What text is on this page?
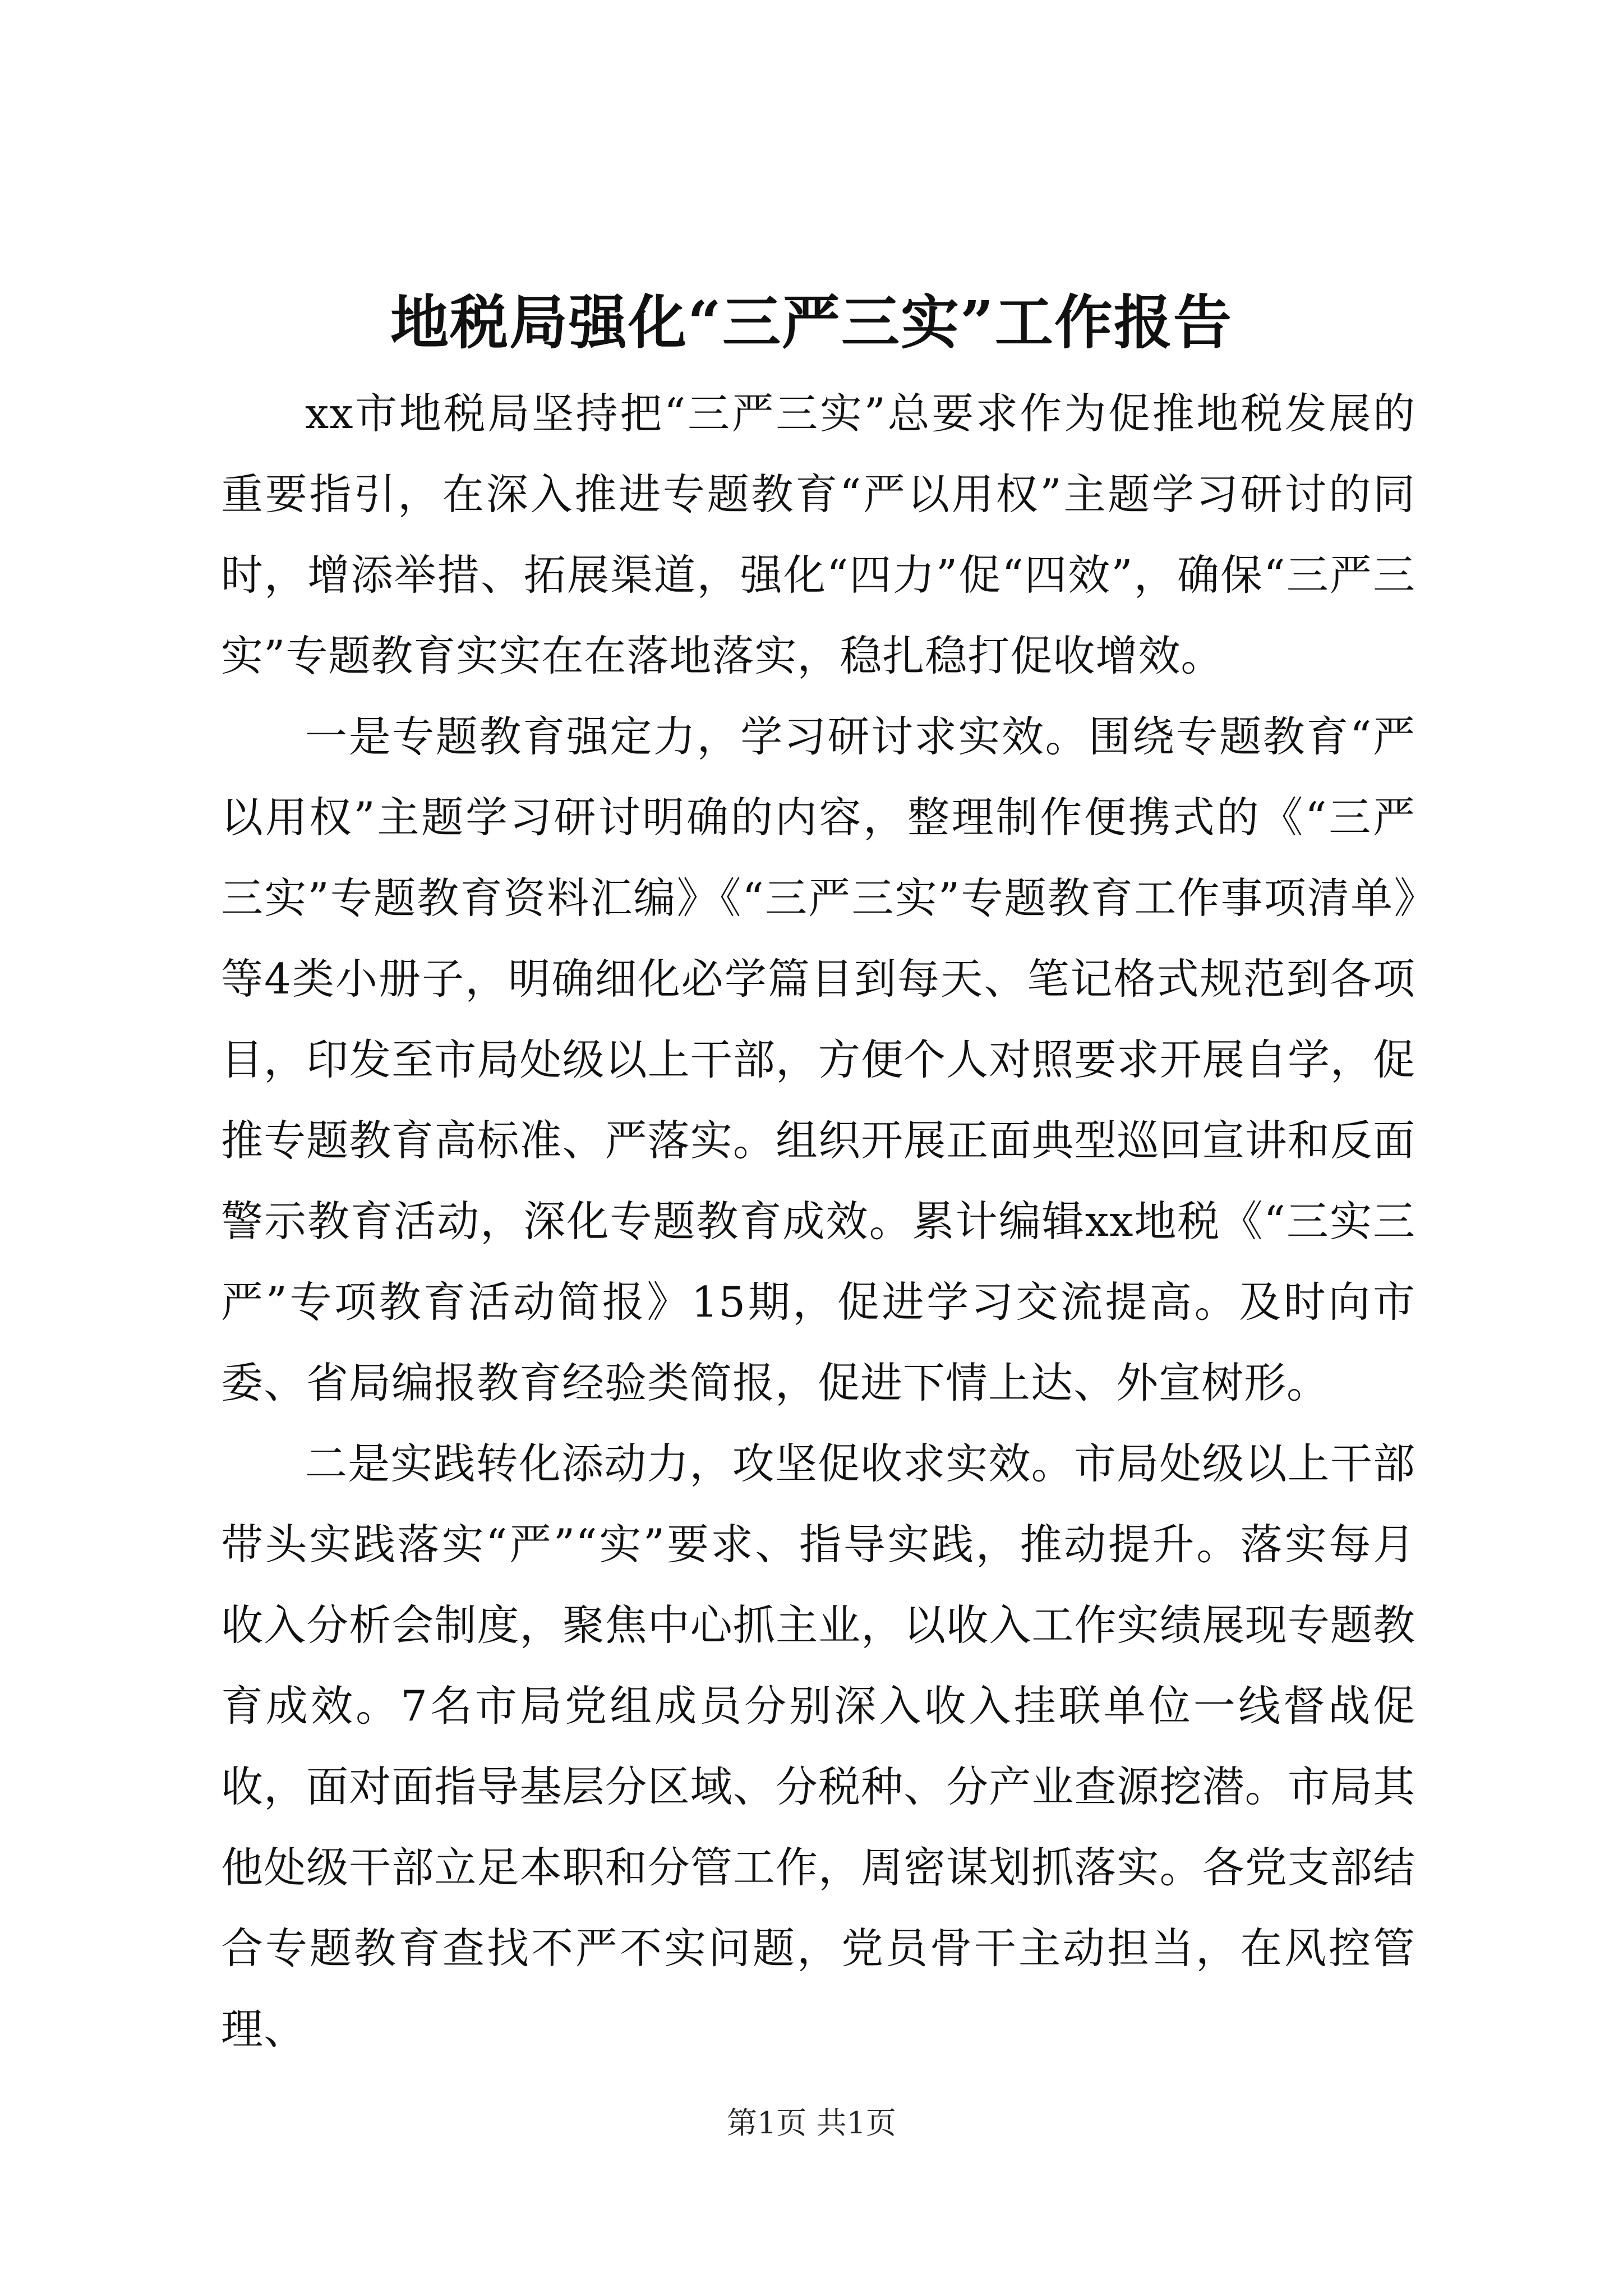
地税局强化“三严三实”工作报告

xx市地税局坚持把“三严三实”总要求作为促推地税发展的重要指引，在深入推进专题教育“严以用权”主题学习研讨的同时，增添举措、拓展渠道，强化“四力”促“四效”，确保“三严三实”专题教育实实在在落地落实，稳扎稳打促收增效。

一是专题教育强定力，学习研讨求实效。围绕专题教育“严以用权”主题学习研讨明确的内容，整理制作便携式的《“三严三实”专题教育资料汇编》《“三严三实”专题教育工作事项清单》等4类小册子，明确细化必学篇目到每天、笔记格式规范到各项目，印发至市局处级以上干部，方便个人对照要求开展自学，促推专题教育高标准、严落实。组织开展正面典型巡回宣讲和反面警示教育活动，深化专题教育成效。累计编辑xx地税《“三实三严”专项教育活动简报》15期，促进学习交流提高。及时向市委、省局编报教育经验类简报，促进下情上达、外宣树形。

二是实践转化添动力，攻坚促收求实效。市局处级以上干部带头实践落实“严”“实”要求、指导实践，推动提升。落实每月收入分析会制度，聚焦中心抓主业，以收入工作实绩展现专题教育成效。7名市局党组成员分别深入收入挂联单位一线督战促收，面对面指导基层分区域、分税种、分产业查源挖潜。市局其他处级干部立足本职和分管工作，周密谋划抓落实。各党支部结合专题教育查找不严不实问题，党员骨干主动担当，在风控管理、

第1页 共1页
